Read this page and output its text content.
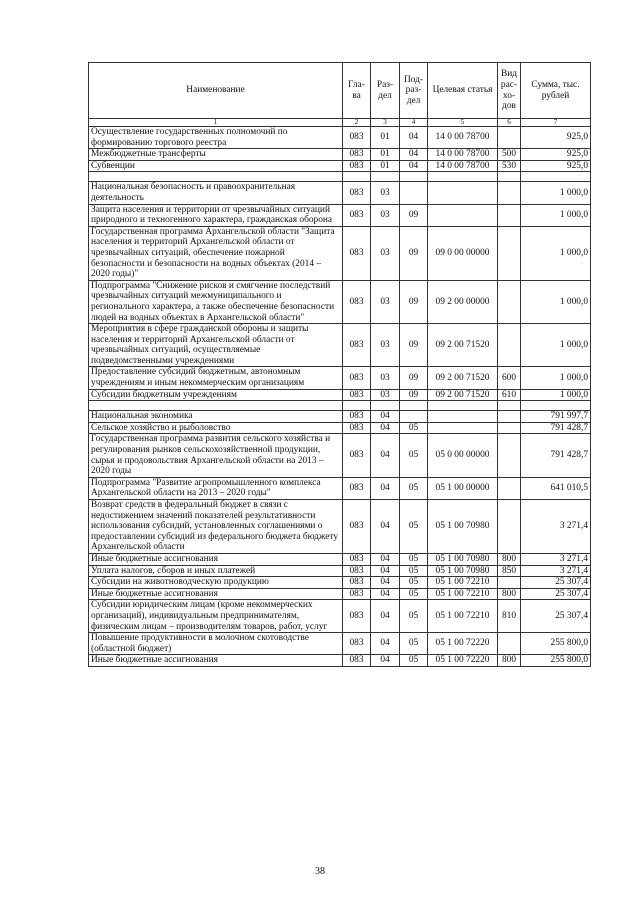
Наименование	Гла-ва	Раз-дел	Под-раз-дел	Целевая статья	Вид рас-хо-дов	Сумма, тыс. рублей
1	2	3	4	5	6	7
Осуществление государственных полномочий по формированию торгового реестра	083	01	04	14 0 00 78700		925,0
Межбюджетные трансферты	083	01	04	14 0 00 78700	500	925,0
Субвенции	083	01	04	14 0 00 78700	530	925,0

Национальная безопасность и правоохранительная деятельность	083	03				1 000,0
Защита населения и территории от чрезвычайных ситуаций природного и техногенного характера, гражданская оборона	083	03	09			1 000,0
Государственная программа Архангельской области "Защита населения и территорий Архангельской области от чрезвычайных ситуаций, обеспечение пожарной безопасности и безопасности на водных объектах (2014 – 2020 годы)"	083	03	09	09 0 00 00000		1 000,0
Подпрограмма "Снижение рисков и смягчение последствий чрезвычайных ситуаций межмуниципального и регионального характера, а также обеспечение безопасности людей на водных объектах в Архангельской области"	083	03	09	09 2 00 00000		1 000,0
Мероприятия в сфере гражданской обороны и защиты населения и территорий Архангельской области от чрезвычайных ситуаций, осуществляемые подведомственными учреждениями	083	03	09	09 2 00 71520		1 000,0
Предоставление субсидий бюджетным, автономным учреждениям и иным некоммерческим организациям	083	03	09	09 2 00 71520	600	1 000,0
Субсидии бюджетным учреждениям	083	03	09	09 2 00 71520	610	1 000,0

Национальная экономика	083	04				791 997,7
Сельское хозяйство и рыболовство	083	04	05			791 428,7
Государственная программа развития сельского хозяйства и регулирования рынков сельскохозяйственной продукции, сырья и продовольствия Архангельской области на 2013 – 2020 годы	083	04	05	05 0 00 00000		791 428,7
Подпрограмма "Развитие агропромышленного комплекса Архангельской области на 2013 – 2020 годы"	083	04	05	05 1 00 00000		641 010,5
Возврат средств в федеральный бюджет в связи с недостижением значений показателей результативности использования субсидий, установленных соглашениями о предоставлении субсидий из федерального бюджета бюджету Архангельской области	083	04	05	05 1 00 70980		3 271,4
Иные бюджетные ассигнования	083	04	05	05 1 00 70980	800	3 271,4
Уплата налогов, сборов и иных платежей	083	04	05	05 1 00 70980	850	3 271,4
Субсидии на животноводческую продукцию	083	04	05	05 1 00 72210		25 307,4
Иные бюджетные ассигнования	083	04	05	05 1 00 72210	800	25 307,4
Субсидии юридическим лицам (кроме некоммерческих организаций), индивидуальным предпринимателям, физическим лицам – производителям товаров, работ, услуг	083	04	05	05 1 00 72210	810	25 307,4
Повышение продуктивности в молочном скотоводстве (областной бюджет)	083	04	05	05 1 00 72220		255 800,0
Иные бюджетные ассигнования	083	04	05	05 1 00 72220	800	255 800,0
38
